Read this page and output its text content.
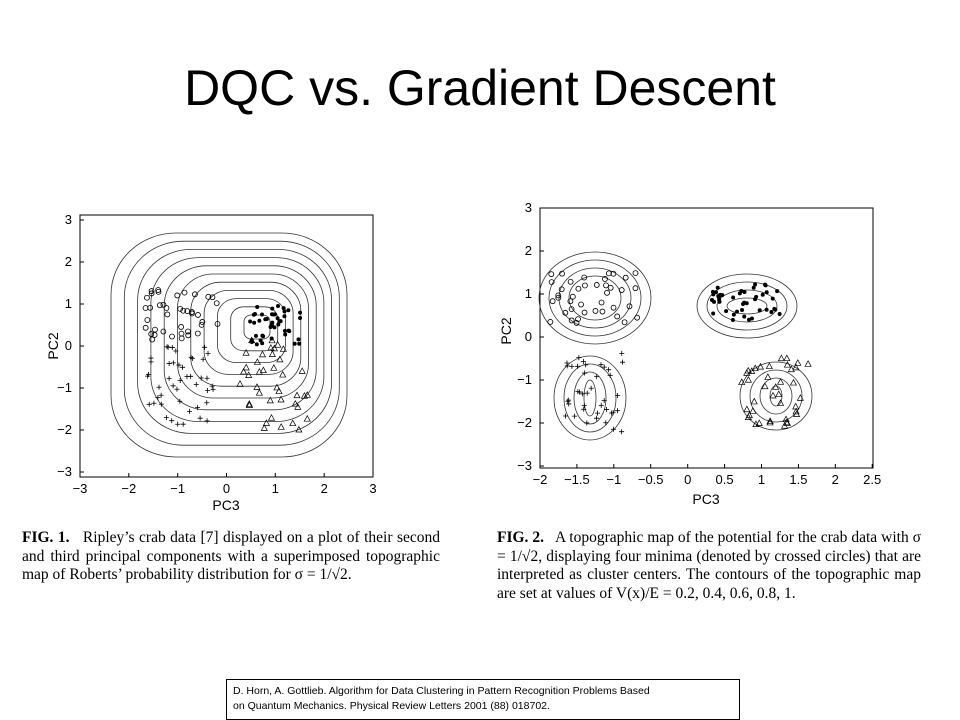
DQC vs. Gradient Descent
−3	−2	−1	0	1	2	3
3
2
1
0
−1
−2
−3
PC3
PC2
−2 −1.5 −1 −0.5 0 0.5 1 1.5 2 2.5
3
2
1
0
−1
−2
−3
PC3
PC2
FIG. 1. Ripley’s crab data [7] displayed on a plot of their second and third principal components with a superimposed topographic map of Roberts’ probability distribution for σ = 1/√2.
FIG. 2. A topographic map of the potential for the crab data with σ = 1/√2, displaying four minima (denoted by crossed circles) that are interpreted as cluster centers. The contours of the topographic map are set at values of V(x)/E = 0.2, 0.4, 0.6, 0.8, 1.
D. Horn, A. Gottlieb. Algorithm for Data Clustering in Pattern Recognition Problems Based
on Quantum Mechanics. Physical Review Letters 2001 (88) 018702.
